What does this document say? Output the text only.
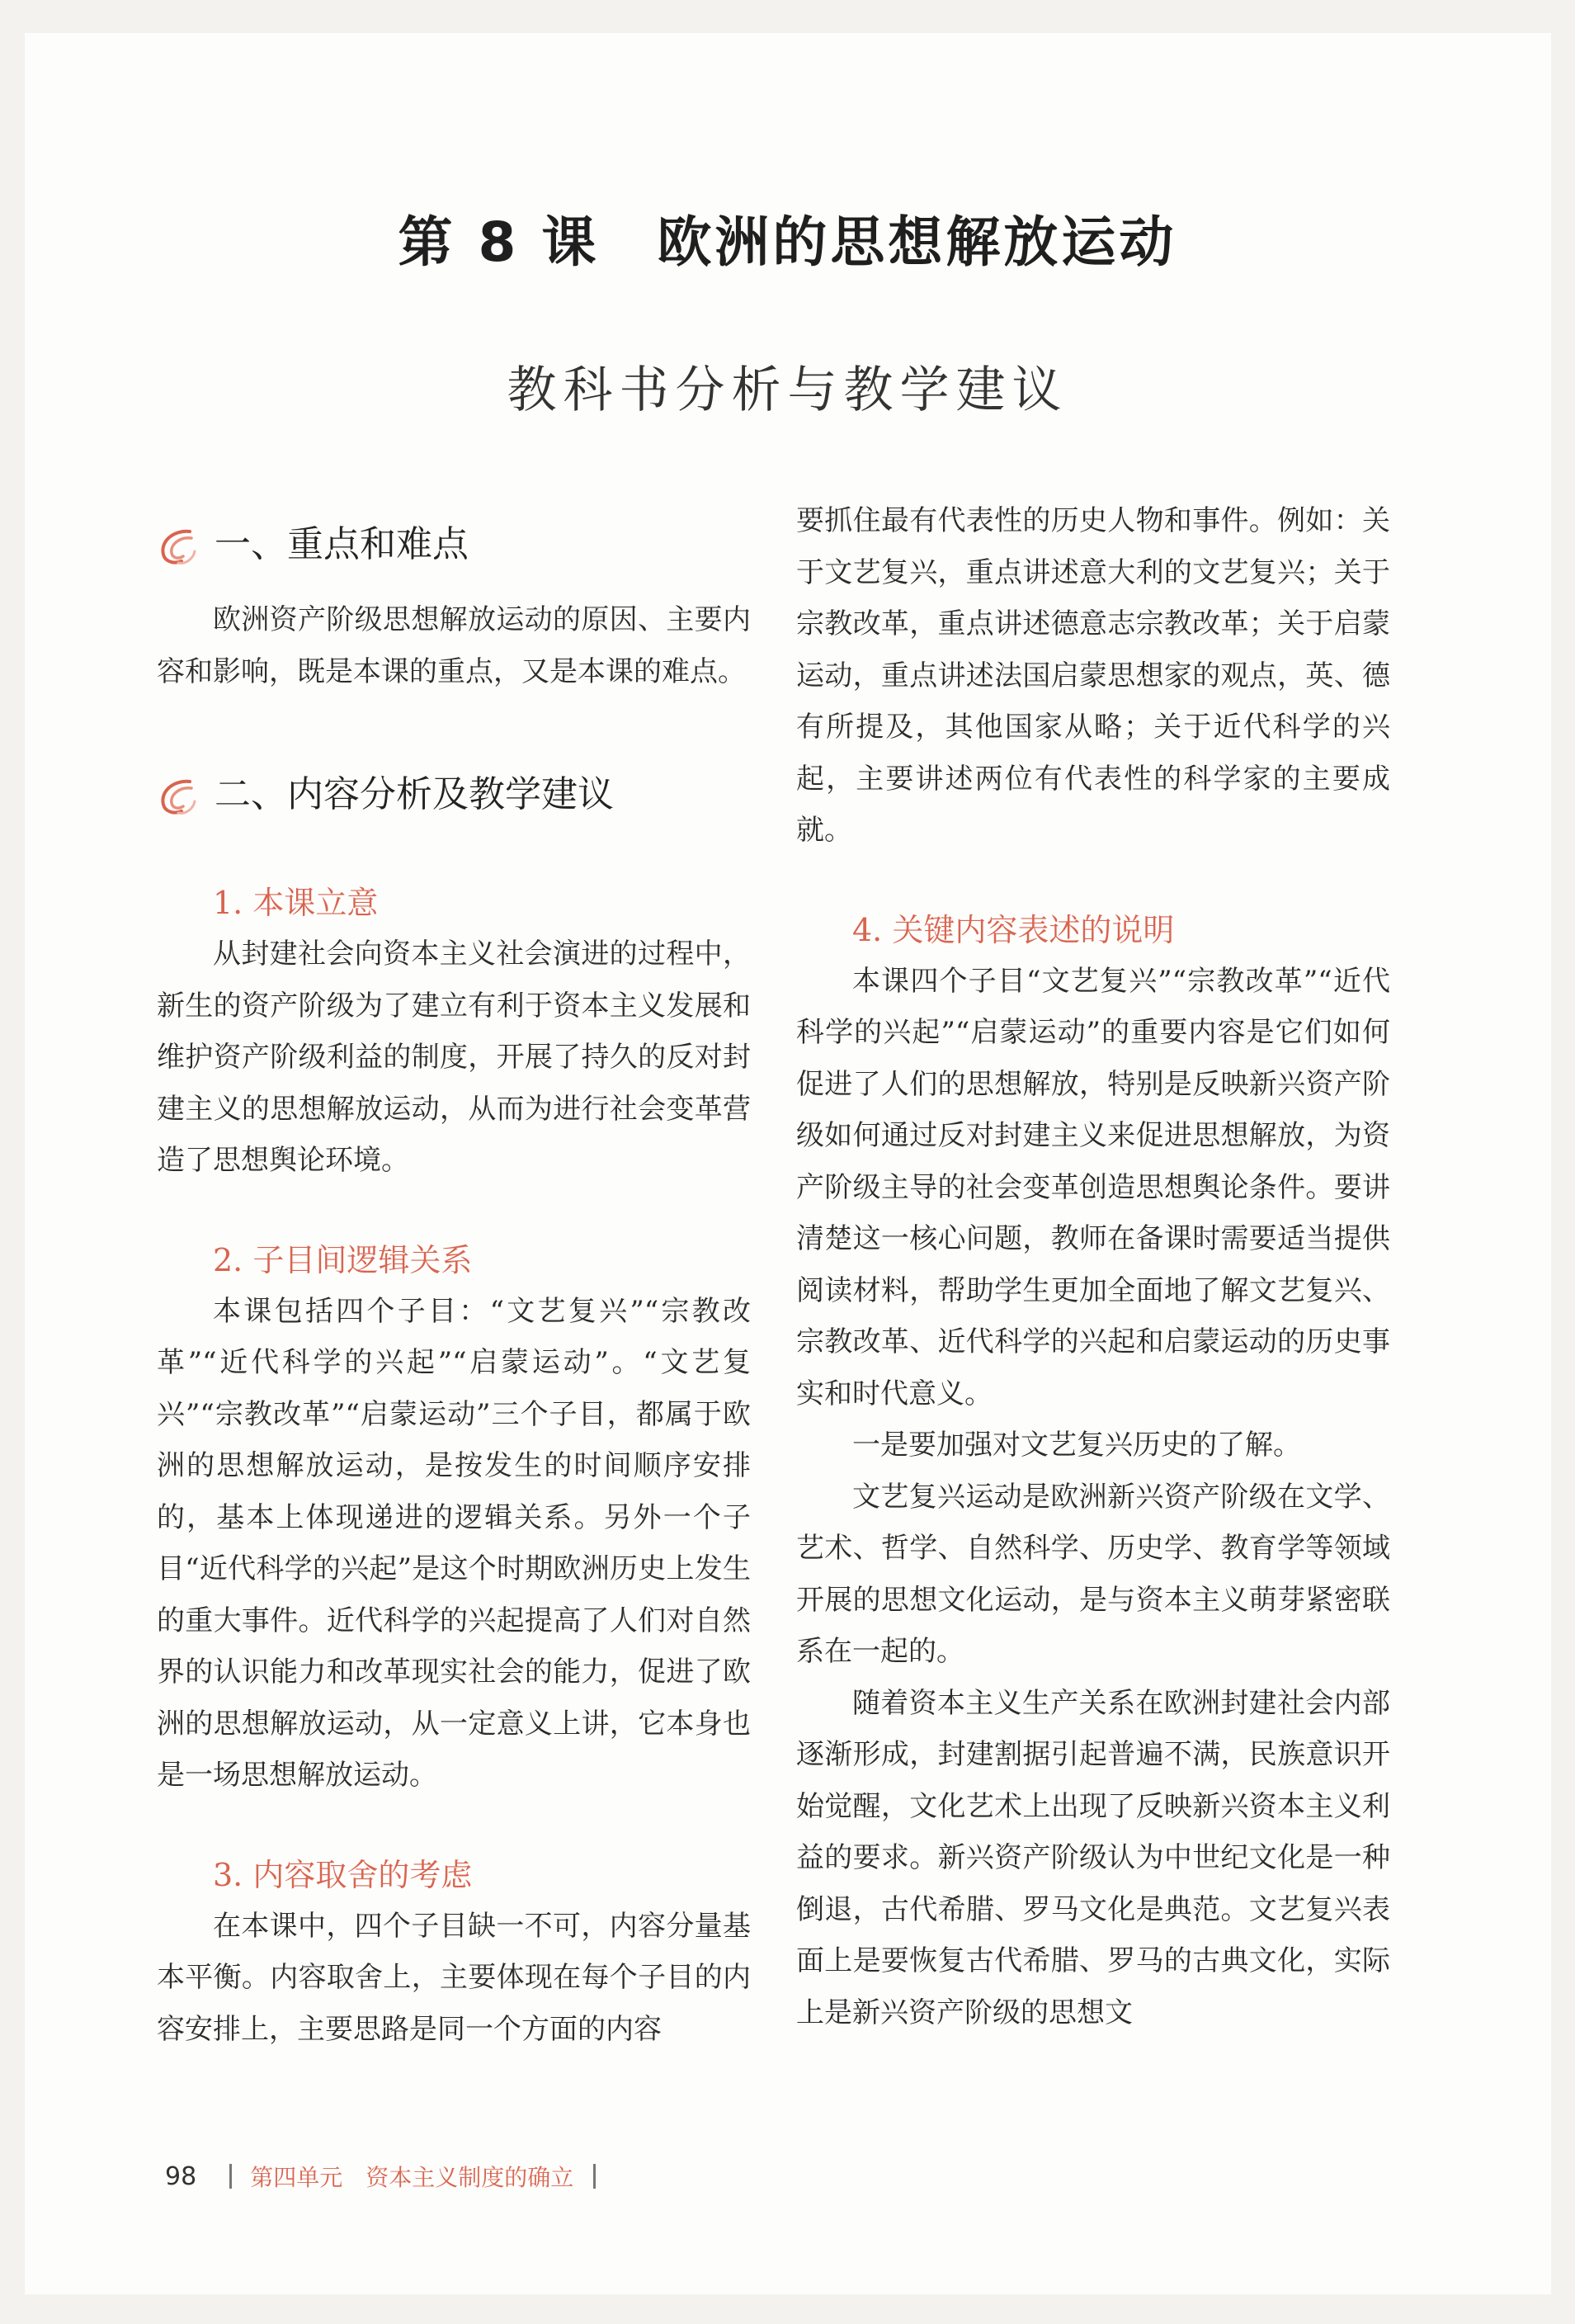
第 8 课　欧洲的思想解放运动
教科书分析与教学建议
一、重点和难点

欧洲资产阶级思想解放运动的原因、主要内容和影响，既是本课的重点，又是本课的难点。

二、内容分析及教学建议
1. 本课立意

从封建社会向资本主义社会演进的过程中，新生的资产阶级为了建立有利于资本主义发展和维护资产阶级利益的制度，开展了持久的反对封建主义的思想解放运动，从而为进行社会变革营造了思想舆论环境。

2. 子目间逻辑关系

本课包括四个子目：“文艺复兴”“宗教改革”“近代科学的兴起”“启蒙运动”。“文艺复兴”“宗教改革”“启蒙运动”三个子目，都属于欧洲的思想解放运动，是按发生的时间顺序安排的，基本上体现递进的逻辑关系。另外一个子目“近代科学的兴起”是这个时期欧洲历史上发生的重大事件。近代科学的兴起提高了人们对自然界的认识能力和改革现实社会的能力，促进了欧洲的思想解放运动，从一定意义上讲，它本身也是一场思想解放运动。

3. 内容取舍的考虑

在本课中，四个子目缺一不可，内容分量基本平衡。内容取舍上，主要体现在每个子目的内容安排上，主要思路是同一个方面的内容

要抓住最有代表性的历史人物和事件。例如：关于文艺复兴，重点讲述意大利的文艺复兴；关于宗教改革，重点讲述德意志宗教改革；关于启蒙运动，重点讲述法国启蒙思想家的观点，英、德有所提及，其他国家从略；关于近代科学的兴起，主要讲述两位有代表性的科学家的主要成就。

4. 关键内容表述的说明

本课四个子目“文艺复兴”“宗教改革”“近代科学的兴起”“启蒙运动”的重要内容是它们如何促进了人们的思想解放，特别是反映新兴资产阶级如何通过反对封建主义来促进思想解放，为资产阶级主导的社会变革创造思想舆论条件。要讲清楚这一核心问题，教师在备课时需要适当提供阅读材料，帮助学生更加全面地了解文艺复兴、宗教改革、近代科学的兴起和启蒙运动的历史事实和时代意义。

一是要加强对文艺复兴历史的了解。

文艺复兴运动是欧洲新兴资产阶级在文学、艺术、哲学、自然科学、历史学、教育学等领域开展的思想文化运动，是与资本主义萌芽紧密联系在一起的。

随着资本主义生产关系在欧洲封建社会内部逐渐形成，封建割据引起普遍不满，民族意识开始觉醒，文化艺术上出现了反映新兴资本主义利益的要求。新兴资产阶级认为中世纪文化是一种倒退，古代希腊、罗马文化是典范。文艺复兴表面上是要恢复古代希腊、罗马的古典文化，实际上是新兴资产阶级的思想文

98 第四单元　资本主义制度的确立
